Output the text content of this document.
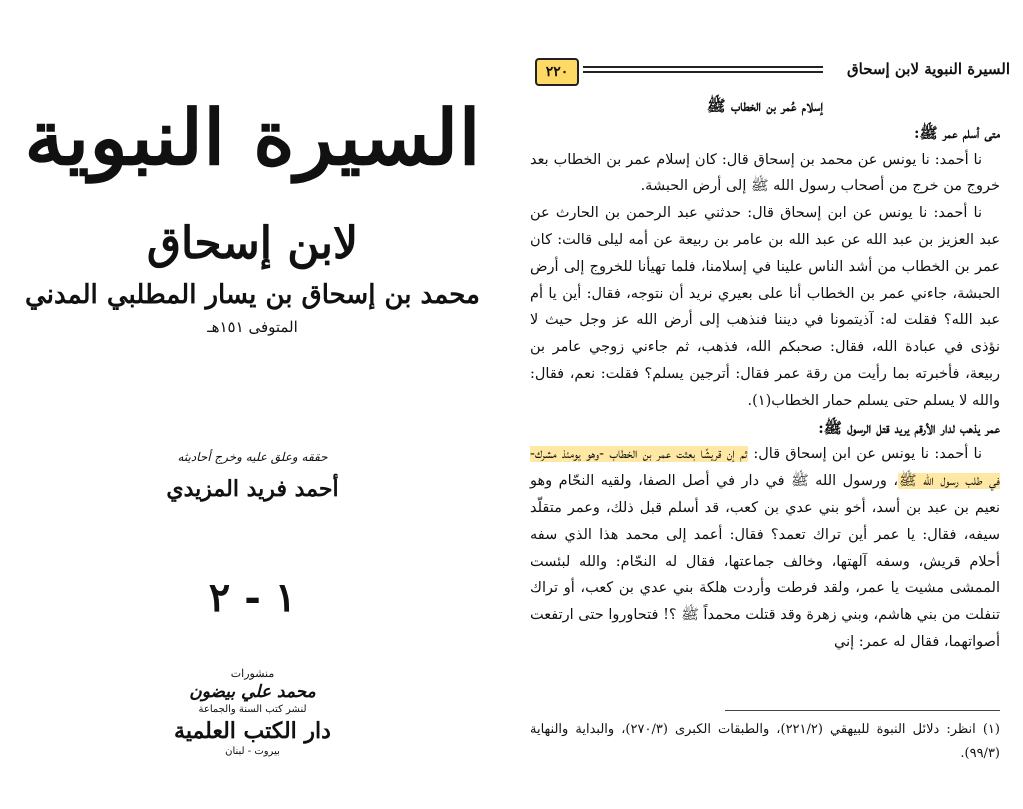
السيرة النبوية
لابن إسحاق
محمد بن إسحاق بن يسار المطلبي المدني
المتوفى ١٥١هـ
حققه وعلق عليه وخرج أحاديثه
أحمد فريد المزيدي
١ - ٢
منشورات
محمد علي بيضون
لنشر كتب السنة والجماعة
دار الكتب العلمية
بيروت - لبنان
٢٢٠	السيرة النبوية لابن إسحاق

إسلام عُمر بن الخطاب ﷺ

متى أسلم عمر ﷺ:

نا أحمد: نا يونس عن محمد بن إسحاق قال: كان إسلام عمر بن الخطاب بعد خروج من خرج من أصحاب رسول الله ﷺ إلى أرض الحبشة.

نا أحمد: نا يونس عن ابن إسحاق قال: حدثني عبد الرحمن بن الحارث عن عبد العزيز بن عبد الله عن عبد الله بن عامر بن ربيعة عن أمه ليلى قالت: كان عمر بن الخطاب من أشد الناس علينا في إسلامنا، فلما تهيأنا للخروج إلى أرض الحبشة، جاءني عمر بن الخطاب أنا على بعيري نريد أن نتوجه، فقال: أين يا أم عبد الله؟ فقلت له: آذيتمونا في ديننا فنذهب إلى أرض الله عز وجل حيث لا نؤذى في عبادة الله، فقال: صحبكم الله، فذهب، ثم جاءني زوجي عامر بن ربيعة، فأخبرته بما رأيت من رقة عمر فقال: أترجين يسلم؟ فقلت: نعم، فقال: والله لا يسلم حتى يسلم حمار الخطاب(١).

عمر يذهب لدار الأرقم يريد قتل الرسول ﷺ:

نا أحمد: نا يونس عن ابن إسحاق قال: ثم إن قريشًا بعثت عمر بن الخطاب -وهو يومئذ مشرك- في طلب رسول الله ﷺ، ورسول الله ﷺ في دار في أصل الصفا، ولقيه النحّام وهو نعيم بن عبد بن أسد، أخو بني عدي بن كعب، قد أسلم قبل ذلك، وعمر متقلّد سيفه، فقال: يا عمر أين تراك تعمد؟ فقال: أعمد إلى محمد هذا الذي سفه أحلام قريش، وسفه آلهتها، وخالف جماعتها، فقال له النحّام: والله لبئست الممشى مشيت يا عمر، ولقد فرطت وأردت هلكة بني عدي بن كعب، أو تراك تنفلت من بني هاشم، وبني زهرة وقد قتلت محمداً ﷺ ؟! فتحاوروا حتى ارتفعت أصواتهما، فقال له عمر: إني

(١) انظر: دلائل النبوة للبيهقي (٢٢١/٢)، والطبقات الكبرى (٢٧٠/٣)، والبداية والنهاية (٩٩/٣).
